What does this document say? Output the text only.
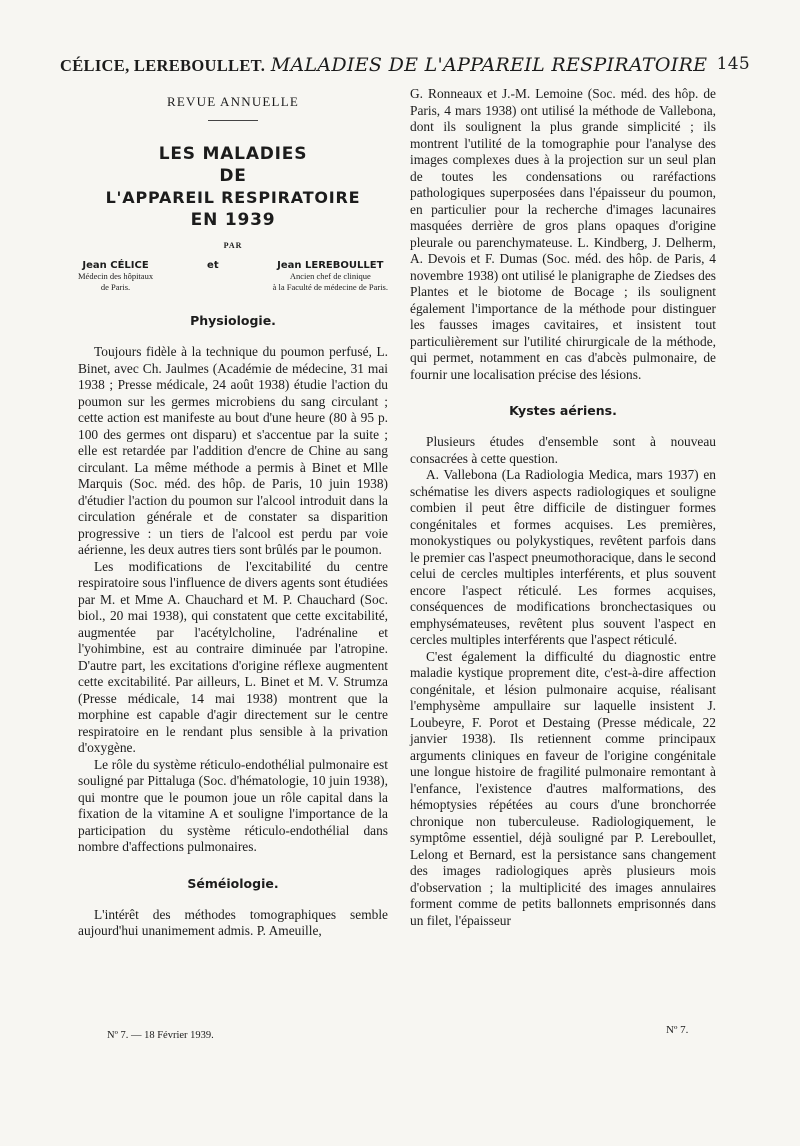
CÉLICE, LEREBOULLET. MALADIES DE L'APPAREIL RESPIRATOIRE 145
REVUE ANNUELLE
LES MALADIES
DE
L'APPAREIL RESPIRATOIRE
EN 1939
PAR
Jean CÉLICE
Médecin des hôpitaux
de Paris.
et	Jean LEREBOULLET
Ancien chef de clinique
à la Faculté de médecine de Paris.
Physiologie.

Toujours fidèle à la technique du poumon perfusé, L. Binet, avec Ch. Jaulmes (Académie de médecine, 31 mai 1938 ; Presse médicale, 24 août 1938) étudie l'action du poumon sur les germes microbiens du sang circulant ; cette action est manifeste au bout d'une heure (80 à 95 p. 100 des germes ont disparu) et s'accentue par la suite ; elle est retardée par l'addition d'encre de Chine au sang circulant. La même méthode a permis à Binet et Mlle Marquis (Soc. méd. des hôp. de Paris, 10 juin 1938) d'étudier l'action du poumon sur l'alcool introduit dans la circulation générale et de constater sa disparition progressive : un tiers de l'alcool est perdu par voie aérienne, les deux autres tiers sont brûlés par le poumon.

Les modifications de l'excitabilité du centre respiratoire sous l'influence de divers agents sont étudiées par M. et Mme A. Chauchard et M. P. Chauchard (Soc. biol., 20 mai 1938), qui constatent que cette excitabilité, augmentée par l'acétylcholine, l'adrénaline et l'yohimbine, est au contraire diminuée par l'atropine. D'autre part, les excitations d'origine réflexe augmentent cette excitabilité. Par ailleurs, L. Binet et M. V. Strumza (Presse médicale, 14 mai 1938) montrent que la morphine est capable d'agir directement sur le centre respiratoire en le rendant plus sensible à la privation d'oxygène.

Le rôle du système réticulo-endothélial pulmonaire est souligné par Pittaluga (Soc. d'hématologie, 10 juin 1938), qui montre que le poumon joue un rôle capital dans la fixation de la vitamine A et souligne l'importance de la participation du système réticulo-endothélial dans nombre d'affections pulmonaires.

Séméiologie.

L'intérêt des méthodes tomographiques semble aujourd'hui unanimement admis. P. Ameuille,

G. Ronneaux et J.-M. Lemoine (Soc. méd. des hôp. de Paris, 4 mars 1938) ont utilisé la méthode de Vallebona, dont ils soulignent la plus grande simplicité ; ils montrent l'utilité de la tomographie pour l'analyse des images complexes dues à la projection sur un seul plan de toutes les condensations ou raréfactions pathologiques superposées dans l'épaisseur du poumon, en particulier pour la recherche d'images lacunaires masquées derrière de gros plans opaques d'origine pleurale ou parenchymateuse. L. Kindberg, J. Delherm, A. Devois et F. Dumas (Soc. méd. des hôp. de Paris, 4 novembre 1938) ont utilisé le planigraphe de Ziedses des Plantes et le biotome de Bocage ; ils soulignent également l'importance de la méthode pour distinguer les fausses images cavitaires, et insistent tout particulièrement sur l'utilité chirurgicale de la méthode, qui permet, notamment en cas d'abcès pulmonaire, de fournir une localisation précise des lésions.

Kystes aériens.

Plusieurs études d'ensemble sont à nouveau consacrées à cette question.

A. Vallebona (La Radiologia Medica, mars 1937) en schématise les divers aspects radiologiques et souligne combien il peut être difficile de distinguer formes congénitales et formes acquises. Les premières, monokystiques ou polykystiques, revêtent parfois dans le premier cas l'aspect pneumothoracique, dans le second celui de cercles multiples interférents, et plus souvent encore l'aspect réticulé. Les formes acquises, conséquences de modifications bronchectasiques ou emphysémateuses, revêtent plus souvent l'aspect en cercles multiples interférents que l'aspect réticulé.

C'est également la difficulté du diagnostic entre maladie kystique proprement dite, c'est-à-dire affection congénitale, et lésion pulmonaire acquise, réalisant l'emphysème ampullaire sur laquelle insistent J. Loubeyre, F. Porot et Destaing (Presse médicale, 22 janvier 1938). Ils retiennent comme principaux arguments cliniques en faveur de l'origine congénitale une longue histoire de fragilité pulmonaire remontant à l'enfance, l'existence d'autres malformations, des hémoptysies répétées au cours d'une bronchorrée chronique non tuberculeuse. Radiologiquement, le symptôme essentiel, déjà souligné par P. Lereboullet, Lelong et Bernard, est la persistance sans changement des images radiologiques après plusieurs mois d'observation ; la multiplicité des images annulaires forment comme de petits ballonnets emprisonnés dans un filet, l'épaisseur

Nº 7. — 18 Février 1939.	Nº 7.
